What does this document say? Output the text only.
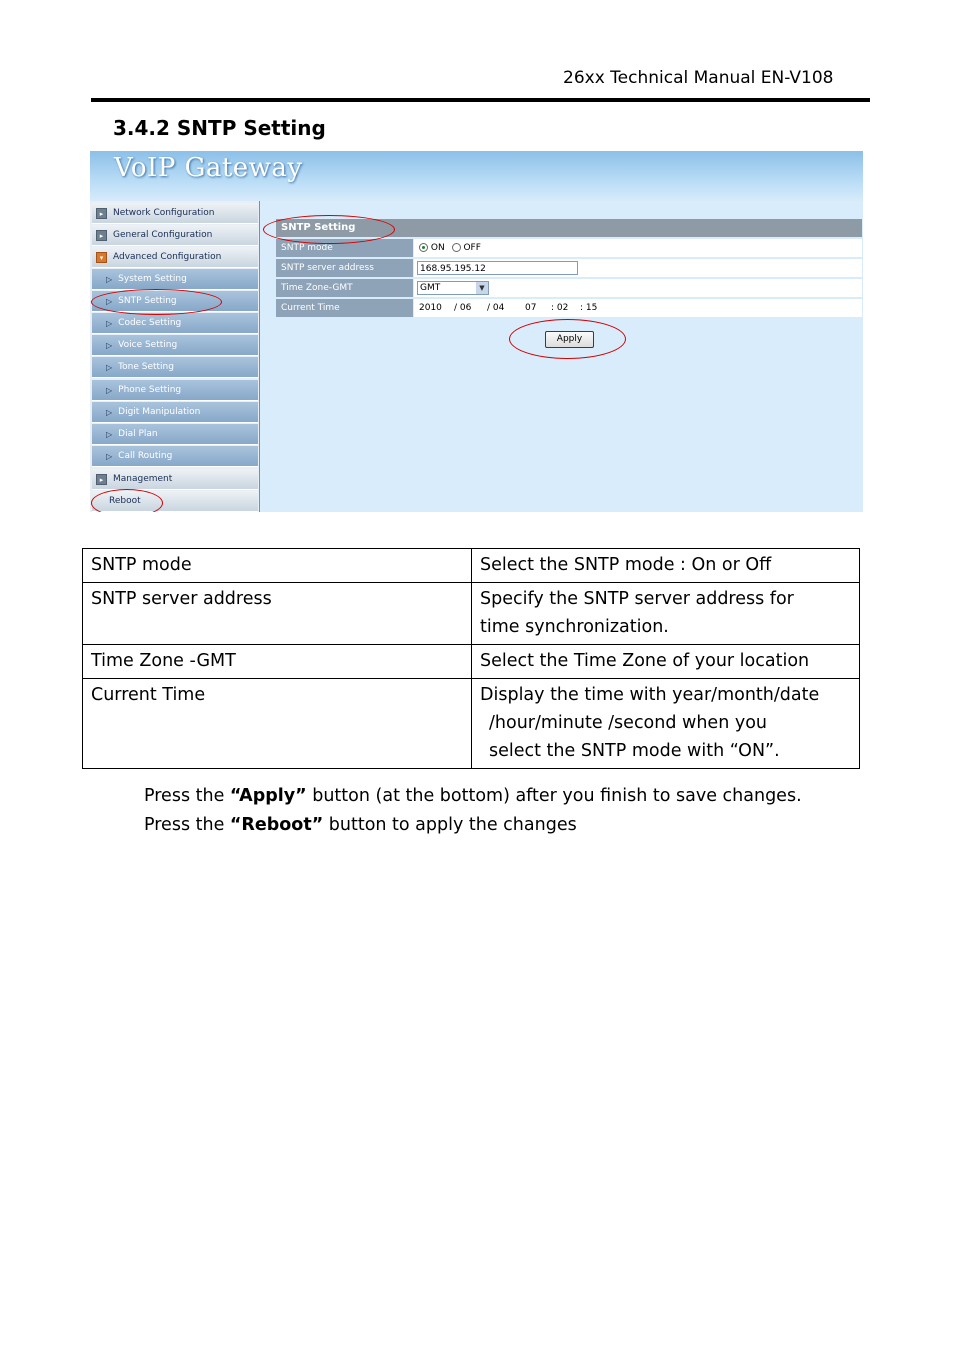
26xx Technical Manual EN-V108
3.4.2 SNTP Setting
VoIP Gateway
▸	Network Configuration
▸	General Configuration
▾	Advanced Configuration
▷ System Setting
▷ SNTP Setting
▷ Codec Setting
▷ Voice Setting
▷ Tone Setting
▷ Phone Setting
▷ Digit Manipulation
▷ Dial Plan
▷ Call Routing
▸	Management
Reboot
SNTP Setting
SNTP mode	ON OFF
SNTP server address	168.95.195.12
Time Zone-GMT	GMT	▼
Current Time	2010 / 06 / 04 07 : 02 : 15
Apply
SNTP mode	Select the SNTP mode : On or Off
SNTP server address	Specify the SNTP server address for
time synchronization.

Time Zone -GMT	Select the Time Zone of your location
Current Time	Display the time with year/month/date
/hour/minute /second when you
select the SNTP mode with “ON”.
Press the “Apply” button (at the bottom) after you finish to save changes.
Press the “Reboot” button to apply the changes
